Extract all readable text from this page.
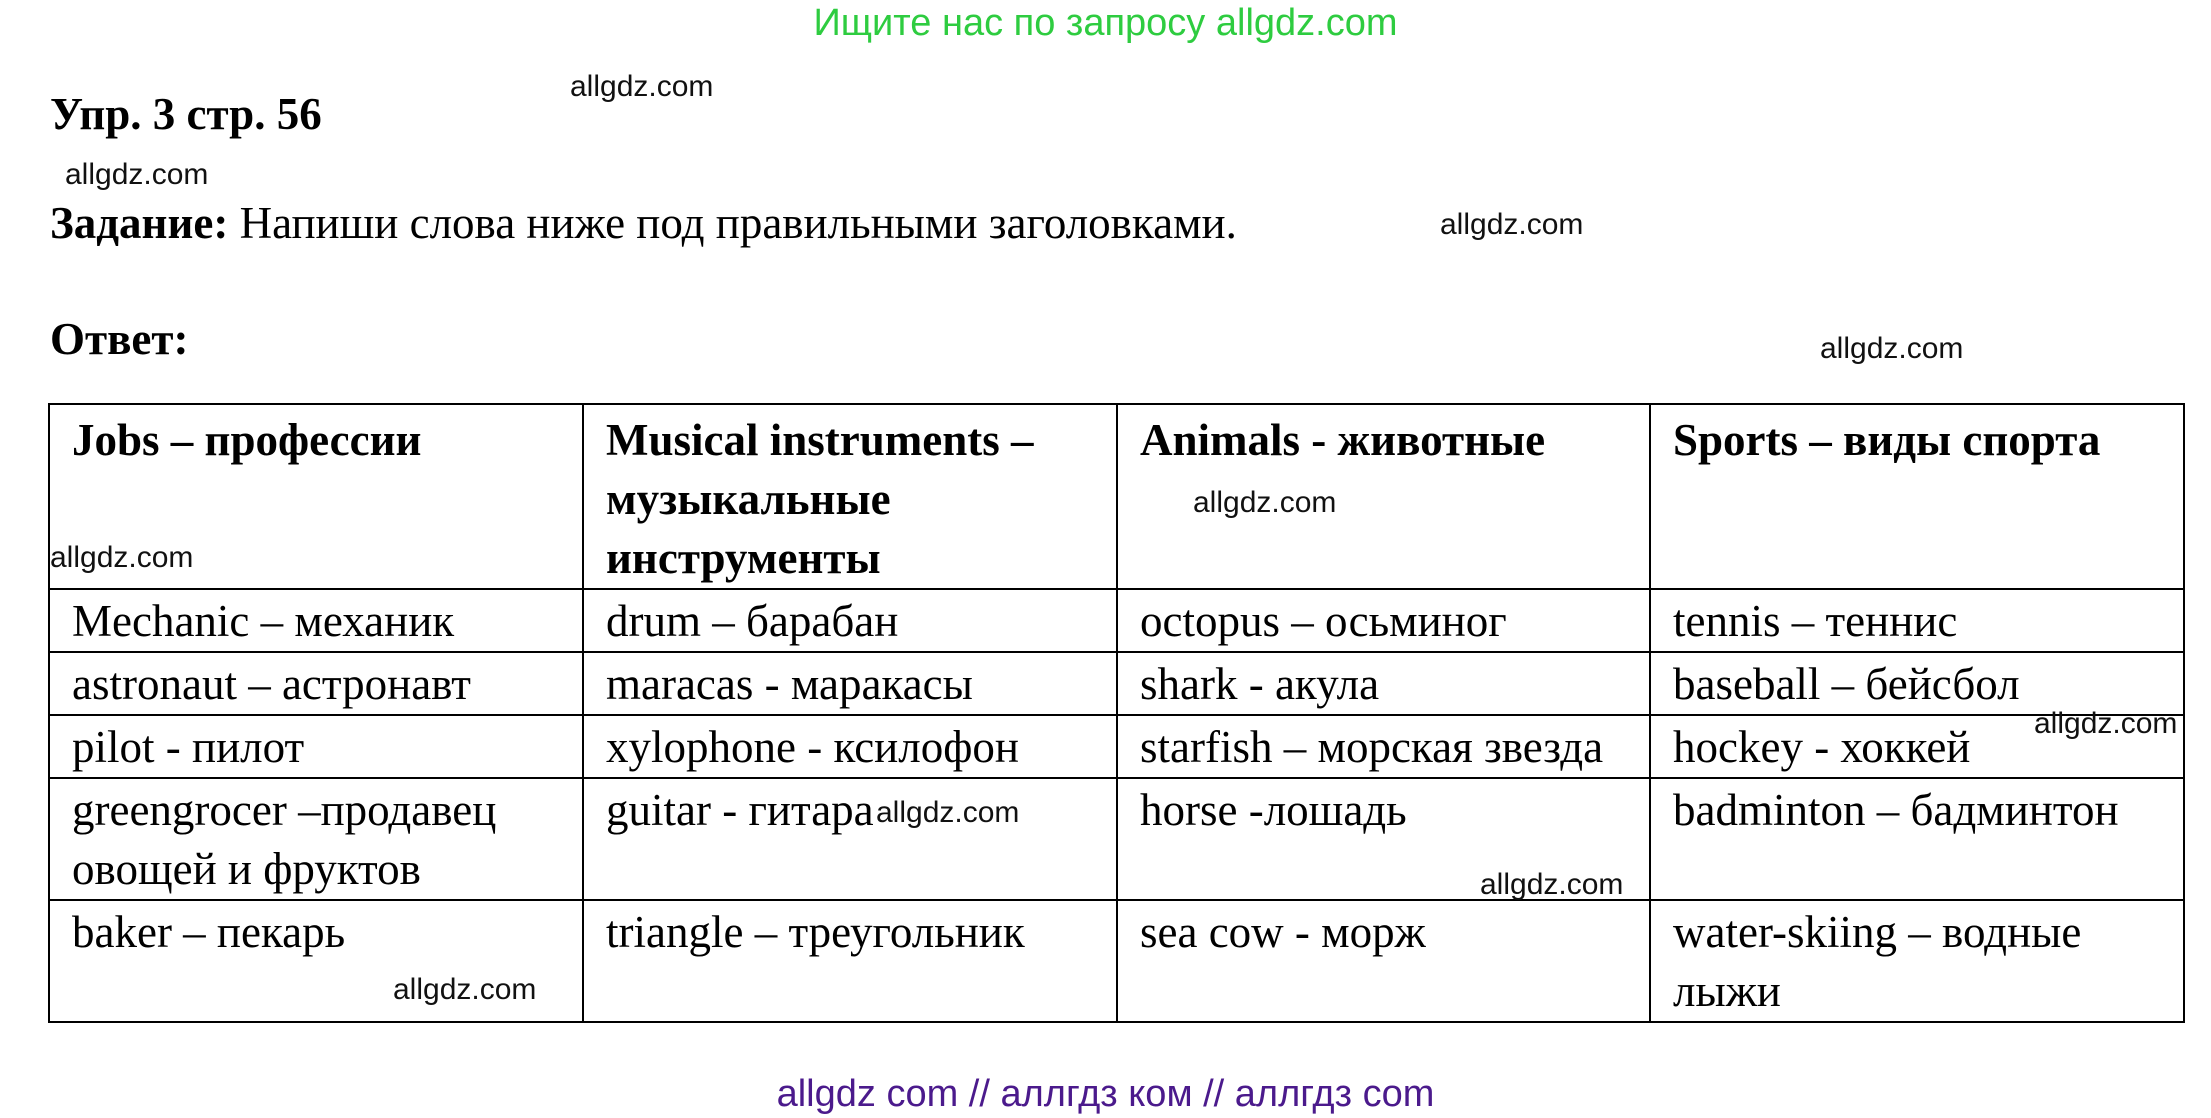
Ищите нас по запросу allgdz.com
Упр. 3 стр. 56
Задание: Напиши слова ниже под правильными заголовками.
Ответ:
Jobs – профессии	Musical instruments – музыкальные инструменты	Animals - животные	Sports – виды спорта
Mechanic – механик	drum – барабан	octopus – осьминог	tennis – теннис
astronaut – астронавт	maracas - маракасы	shark - акула	baseball – бейсбол
pilot - пилот	xylophone - ксилофон	starfish – морская звезда	hockey - хоккей
greengrocer –продавец овощей и фруктов	guitar - гитара	horse -лошадь	badminton – бадминтон
baker – пекарь	triangle – треугольник	sea cow - морж	water-skiing – водные лыжи
allgdz.com
allgdz.com
allgdz.com
allgdz.com
allgdz.com
allgdz.com
allgdz.com
allgdz.com
allgdz.com
allgdz.com
allgdz com // аллгдз ком // аллгдз com
